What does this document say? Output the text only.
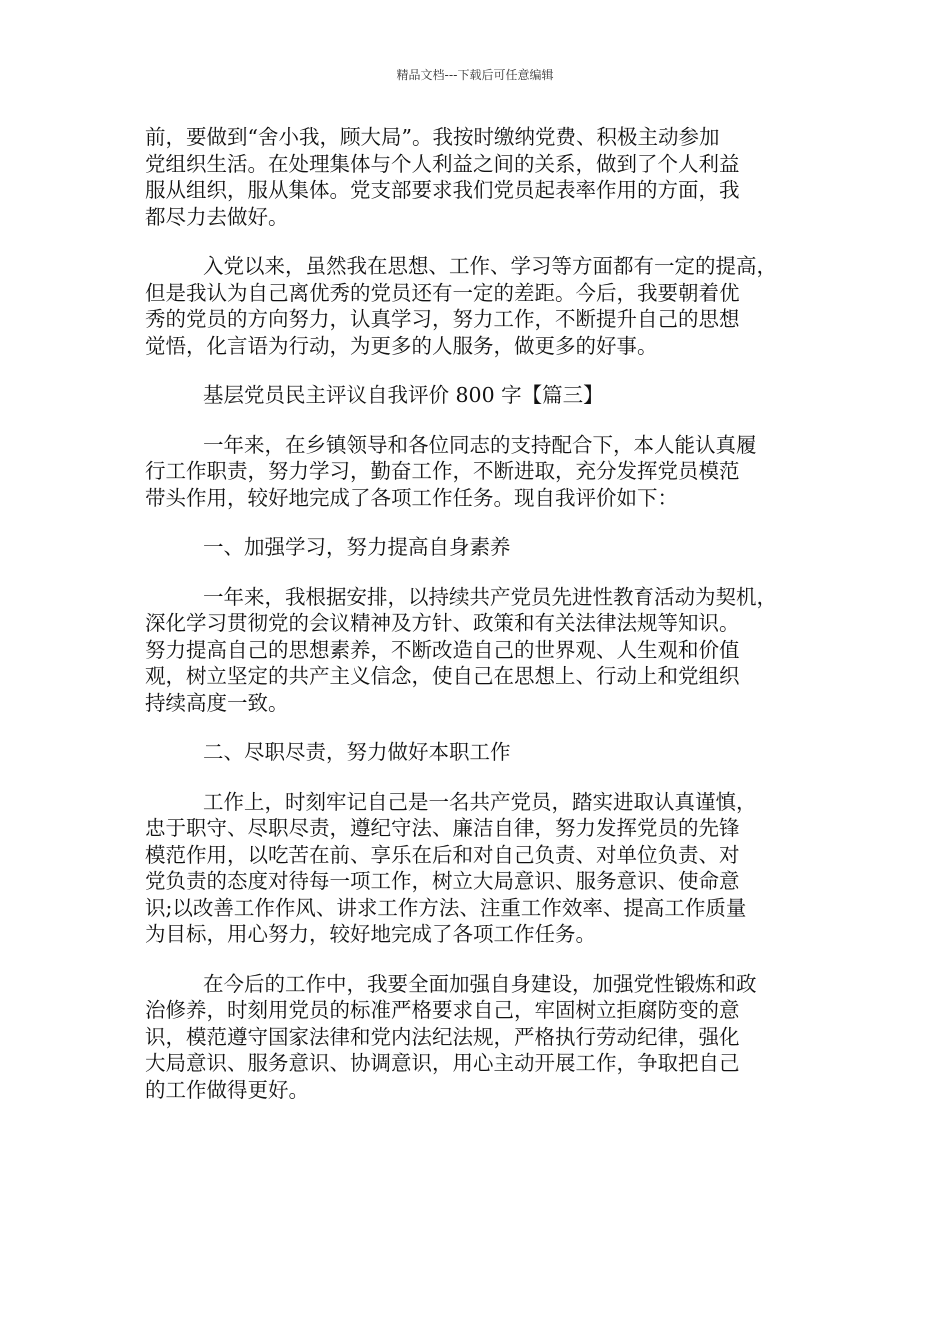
精品文档---下载后可任意编辑
前，要做到“舍小我，顾大局”。我按时缴纳党费、积极主动参加
党组织生活。在处理集体与个人利益之间的关系，做到了个人利益
服从组织，服从集体。党支部要求我们党员起表率作用的方面，我
都尽力去做好。
入党以来，虽然我在思想、工作、学习等方面都有一定的提高，
但是我认为自己离优秀的党员还有一定的差距。今后，我要朝着优
秀的党员的方向努力，认真学习，努力工作，不断提升自己的思想
觉悟，化言语为行动，为更多的人服务，做更多的好事。
基层党员民主评议自我评价 800 字【篇三】
一年来，在乡镇领导和各位同志的支持配合下，本人能认真履
行工作职责，努力学习，勤奋工作，不断进取，充分发挥党员模范
带头作用，较好地完成了各项工作任务。现自我评价如下：
一、加强学习，努力提高自身素养
一年来，我根据安排，以持续共产党员先进性教育活动为契机，
深化学习贯彻党的会议精神及方针、政策和有关法律法规等知识。
努力提高自己的思想素养，不断改造自己的世界观、人生观和价值
观，树立坚定的共产主义信念，使自己在思想上、行动上和党组织
持续高度一致。
二、尽职尽责，努力做好本职工作
工作上，时刻牢记自己是一名共产党员，踏实进取认真谨慎，
忠于职守、尽职尽责，遵纪守法、廉洁自律，努力发挥党员的先锋
模范作用，以吃苦在前、享乐在后和对自己负责、对单位负责、对
党负责的态度对待每一项工作，树立大局意识、服务意识、使命意
识;以改善工作作风、讲求工作方法、注重工作效率、提高工作质量
为目标，用心努力，较好地完成了各项工作任务。
在今后的工作中，我要全面加强自身建设，加强党性锻炼和政
治修养，时刻用党员的标准严格要求自己，牢固树立拒腐防变的意
识，模范遵守国家法律和党内法纪法规，严格执行劳动纪律，强化
大局意识、服务意识、协调意识，用心主动开展工作，争取把自己
的工作做得更好。
